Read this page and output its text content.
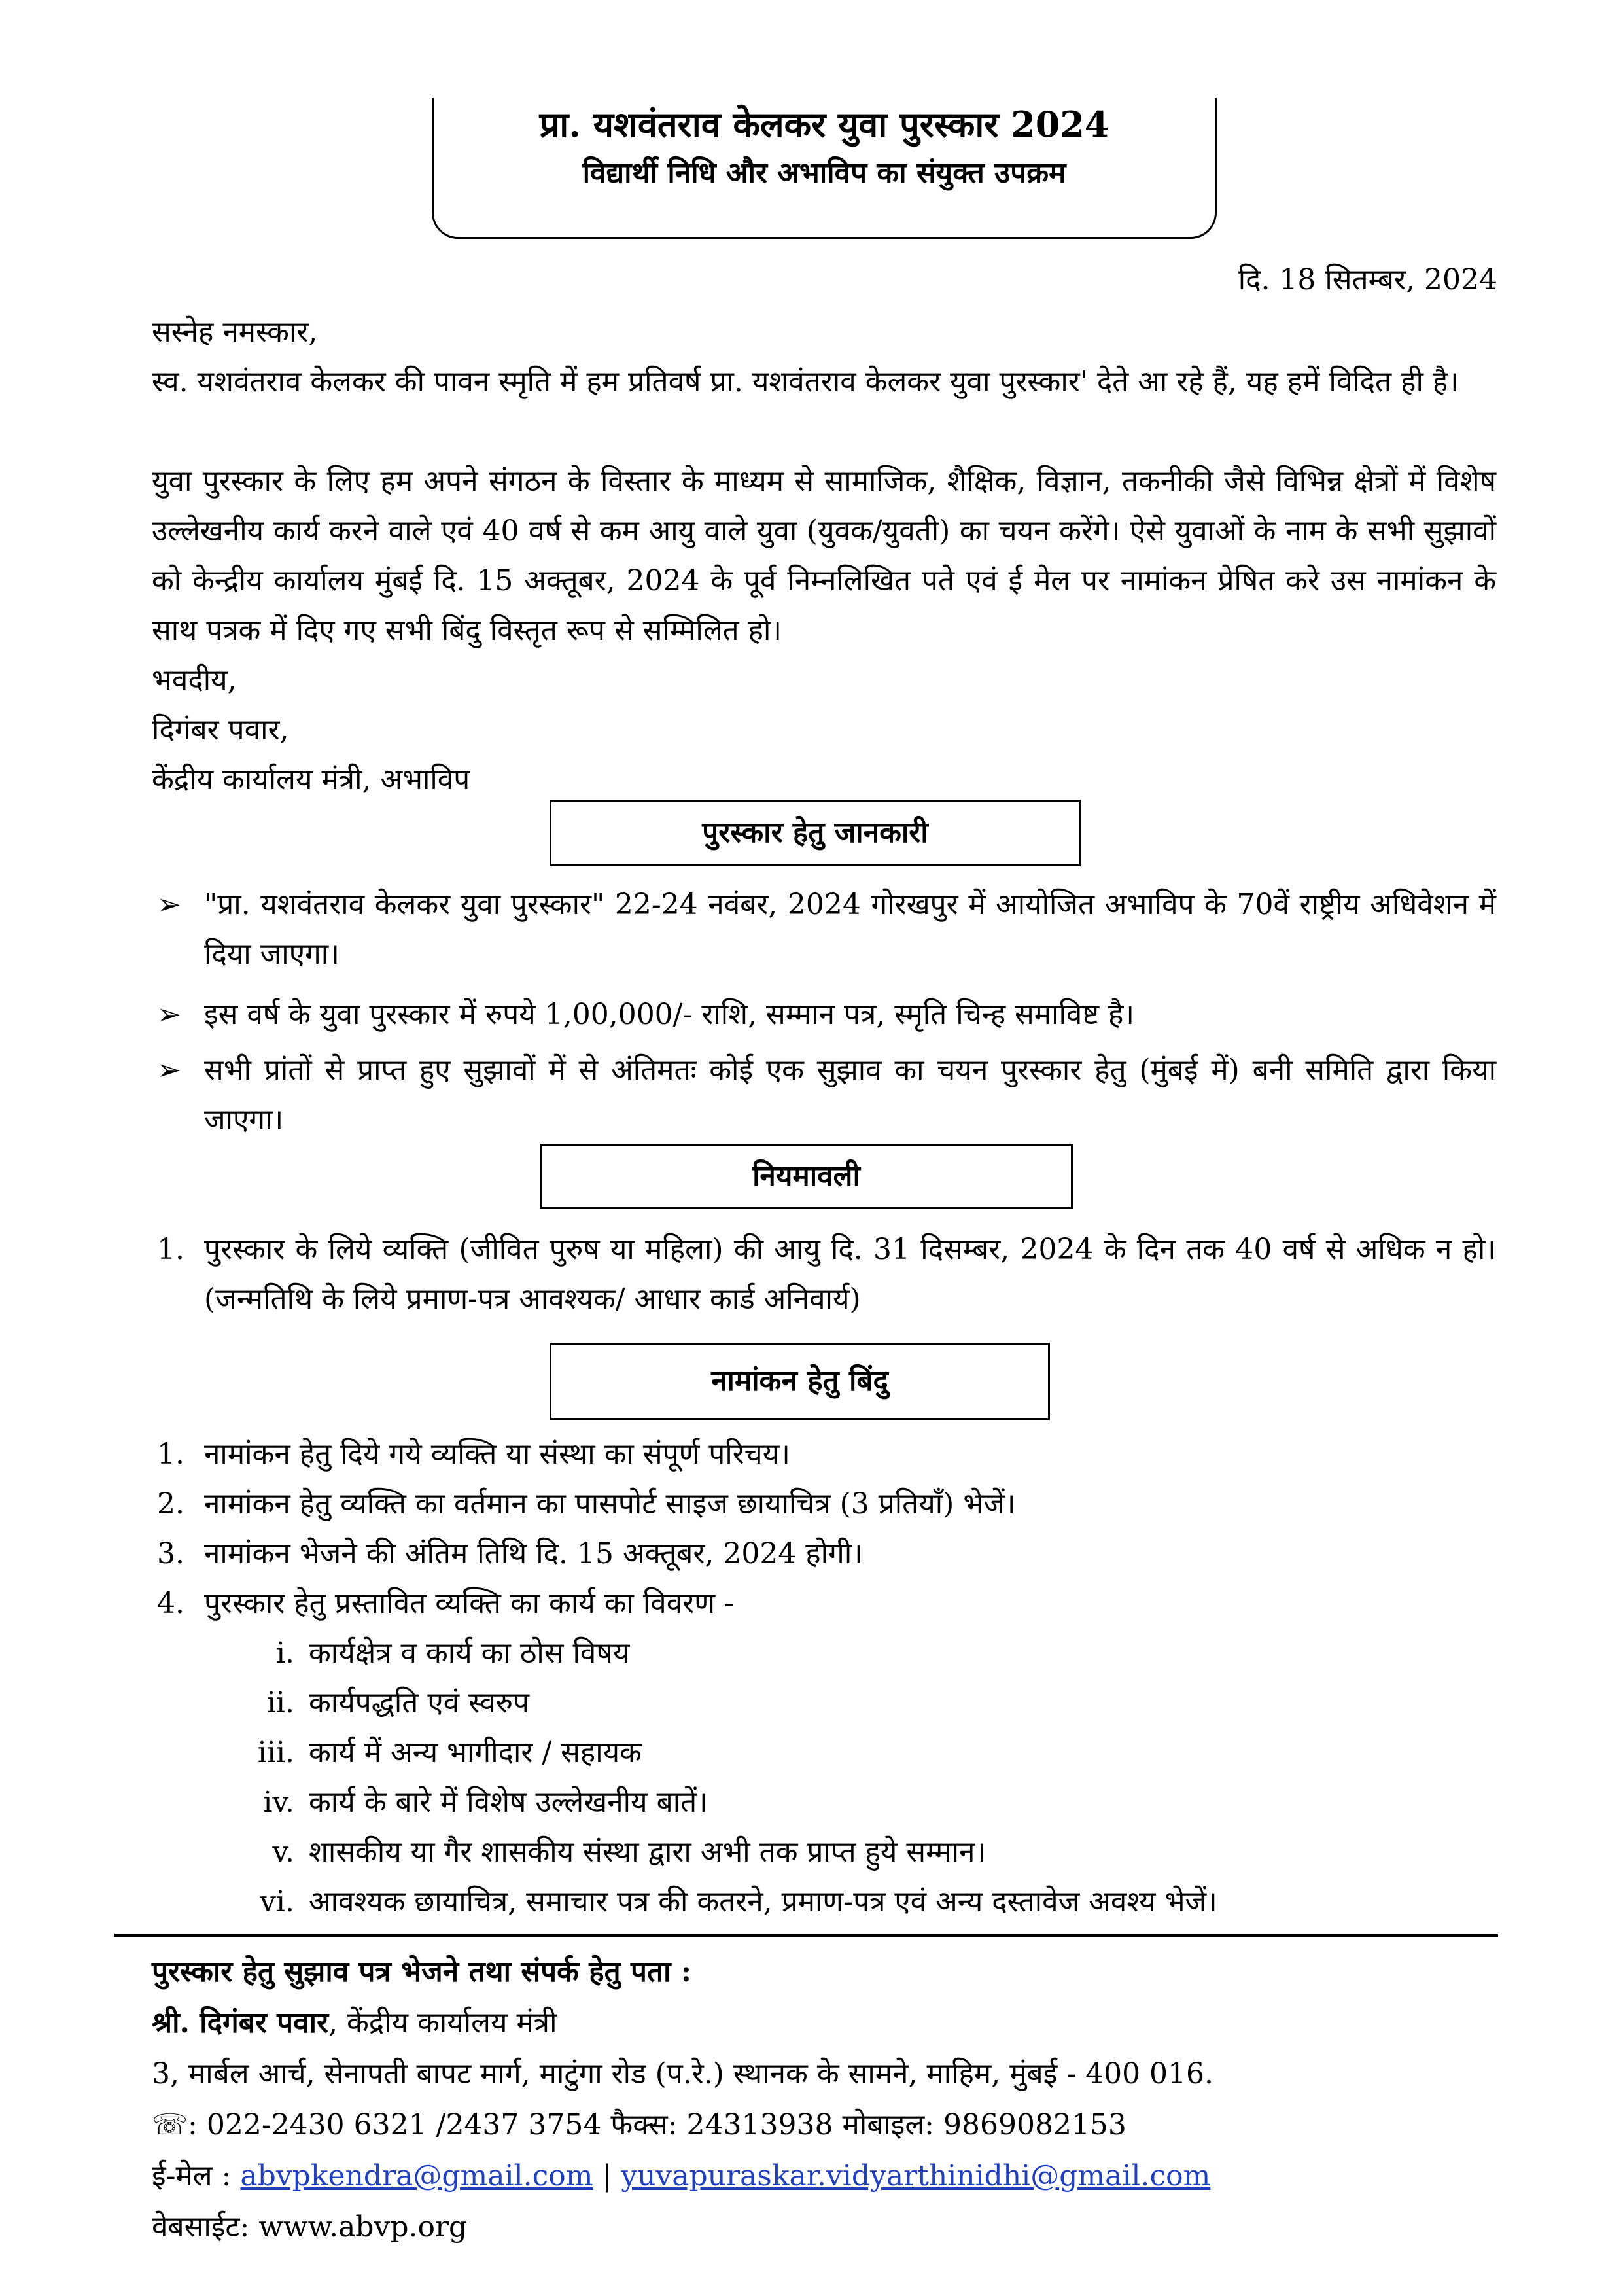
प्रा. यशवंतराव केलकर युवा पुरस्कार 2024
विद्यार्थी निधि और अभाविप का संयुक्त उपक्रम
दि. 18 सितम्बर, 2024
सस्नेह नमस्कार,
स्व. यशवंतराव केलकर की पावन स्मृति में हम प्रतिवर्ष प्रा. यशवंतराव केलकर युवा पुरस्कार' देते आ रहे हैं, यह हमें विदित ही है।
युवा पुरस्कार के लिए हम अपने संगठन के विस्तार के माध्यम से सामाजिक, शैक्षिक, विज्ञान, तकनीकी जैसे विभिन्न क्षेत्रों में विशेष उल्लेखनीय कार्य करने वाले एवं 40 वर्ष से कम आयु वाले युवा (युवक/युवती) का चयन करेंगे। ऐसे युवाओं के नाम के सभी सुझावों को केन्द्रीय कार्यालय मुंबई दि. 15 अक्तूबर, 2024 के पूर्व निम्नलिखित पते एवं ई मेल पर नामांकन प्रेषित करे उस नामांकन के साथ पत्रक में दिए गए सभी बिंदु विस्तृत रूप से सम्मिलित हो।
भवदीय,
दिगंबर पवार,
केंद्रीय कार्यालय मंत्री, अभाविप
पुरस्कार हेतु जानकारी
➢ "प्रा. यशवंतराव केलकर युवा पुरस्कार" 22-24 नवंबर, 2024 गोरखपुर में आयोजित अभाविप के 70वें राष्ट्रीय अधिवेशन में दिया जाएगा।
➢ इस वर्ष के युवा पुरस्कार में रुपये 1,00,000/- राशि, सम्मान पत्र, स्मृति चिन्ह समाविष्ट है।
➢ सभी प्रांतों से प्राप्त हुए सुझावों में से अंतिमतः कोई एक सुझाव का चयन पुरस्कार हेतु (मुंबई में) बनी समिति द्वारा किया जाएगा।
नियमावली
1. पुरस्कार के लिये व्यक्ति (जीवित पुरुष या महिला) की आयु दि. 31 दिसम्बर, 2024 के दिन तक 40 वर्ष से अधिक न हो। (जन्मतिथि के लिये प्रमाण-पत्र आवश्यक/ आधार कार्ड अनिवार्य)
नामांकन हेतु बिंदु
1. नामांकन हेतु दिये गये व्यक्ति या संस्था का संपूर्ण परिचय।
2. नामांकन हेतु व्यक्ति का वर्तमान का पासपोर्ट साइज छायाचित्र (3 प्रतियाँ) भेजें।
3. नामांकन भेजने की अंतिम तिथि दि. 15 अक्तूबर, 2024 होगी।
4. पुरस्कार हेतु प्रस्तावित व्यक्ति का कार्य का विवरण -
i. कार्यक्षेत्र व कार्य का ठोस विषय
ii. कार्यपद्धति एवं स्वरुप
iii. कार्य में अन्य भागीदार / सहायक
iv. कार्य के बारे में विशेष उल्लेखनीय बातें।
v. शासकीय या गैर शासकीय संस्था द्वारा अभी तक प्राप्त हुये सम्मान।
vi. आवश्यक छायाचित्र, समाचार पत्र की कतरने, प्रमाण-पत्र एवं अन्य दस्तावेज अवश्य भेजें।
पुरस्कार हेतु सुझाव पत्र भेजने तथा संपर्क हेतु पता :
श्री. दिगंबर पवार, केंद्रीय कार्यालय मंत्री
3, मार्बल आर्च, सेनापती बापट मार्ग, माटुंगा रोड (प.रे.) स्थानक के सामने, माहिम, मुंबई - 400 016.
☏: 022-2430 6321 /2437 3754 फैक्स: 24313938 मोबाइल: 9869082153
ई-मेल : abvpkendra@gmail.com | yuvapuraskar.vidyarthinidhi@gmail.com
वेबसाईट: www.abvp.org
